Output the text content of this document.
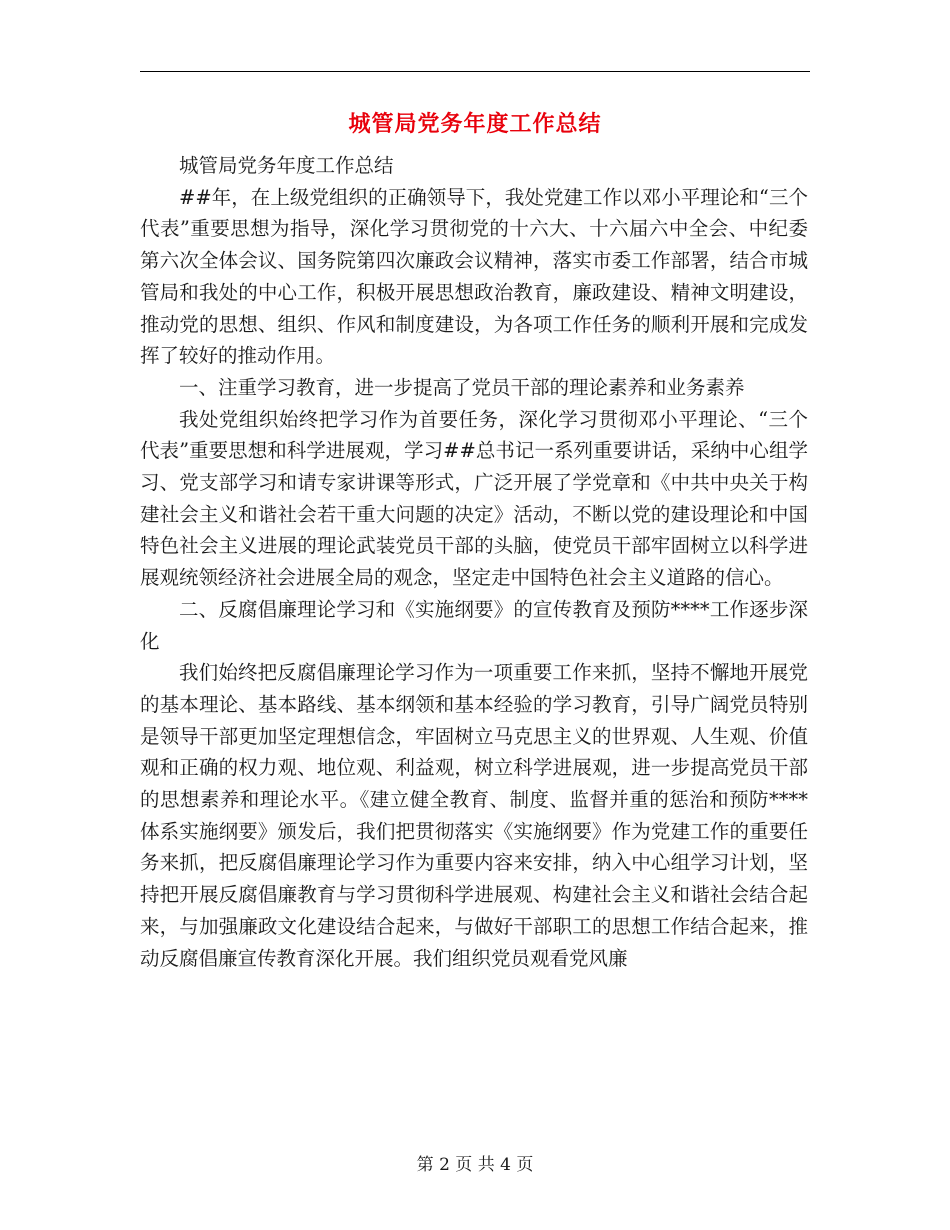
城管局党务年度工作总结

城管局党务年度工作总结

##年，在上级党组织的正确领导下，我处党建工作以邓小平理论和“三个代表”重要思想为指导，深化学习贯彻党的十六大、十六届六中全会、中纪委第六次全体会议、国务院第四次廉政会议精神，落实市委工作部署，结合市城管局和我处的中心工作，积极开展思想政治教育，廉政建设、精神文明建设，推动党的思想、组织、作风和制度建设，为各项工作任务的顺利开展和完成发挥了较好的推动作用。

一、注重学习教育，进一步提高了党员干部的理论素养和业务素养

我处党组织始终把学习作为首要任务，深化学习贯彻邓小平理论、“三个代表”重要思想和科学进展观，学习##总书记一系列重要讲话，采纳中心组学习、党支部学习和请专家讲课等形式，广泛开展了学党章和《中共中央关于构建社会主义和谐社会若干重大问题的决定》活动，不断以党的建设理论和中国特色社会主义进展的理论武装党员干部的头脑，使党员干部牢固树立以科学进展观统领经济社会进展全局的观念，坚定走中国特色社会主义道路的信心。

二、反腐倡廉理论学习和《实施纲要》的宣传教育及预防****工作逐步深化

我们始终把反腐倡廉理论学习作为一项重要工作来抓，坚持不懈地开展党的基本理论、基本路线、基本纲领和基本经验的学习教育，引导广阔党员特别是领导干部更加坚定理想信念，牢固树立马克思主义的世界观、人生观、价值观和正确的权力观、地位观、利益观，树立科学进展观，进一步提高党员干部的思想素养和理论水平。《建立健全教育、制度、监督并重的惩治和预防****体系实施纲要》颁发后，我们把贯彻落实《实施纲要》作为党建工作的重要任务来抓，把反腐倡廉理论学习作为重要内容来安排，纳入中心组学习计划，坚持把开展反腐倡廉教育与学习贯彻科学进展观、构建社会主义和谐社会结合起来，与加强廉政文化建设结合起来，与做好干部职工的思想工作结合起来，推动反腐倡廉宣传教育深化开展。我们组织党员观看党风廉

第 2 页 共 4 页
